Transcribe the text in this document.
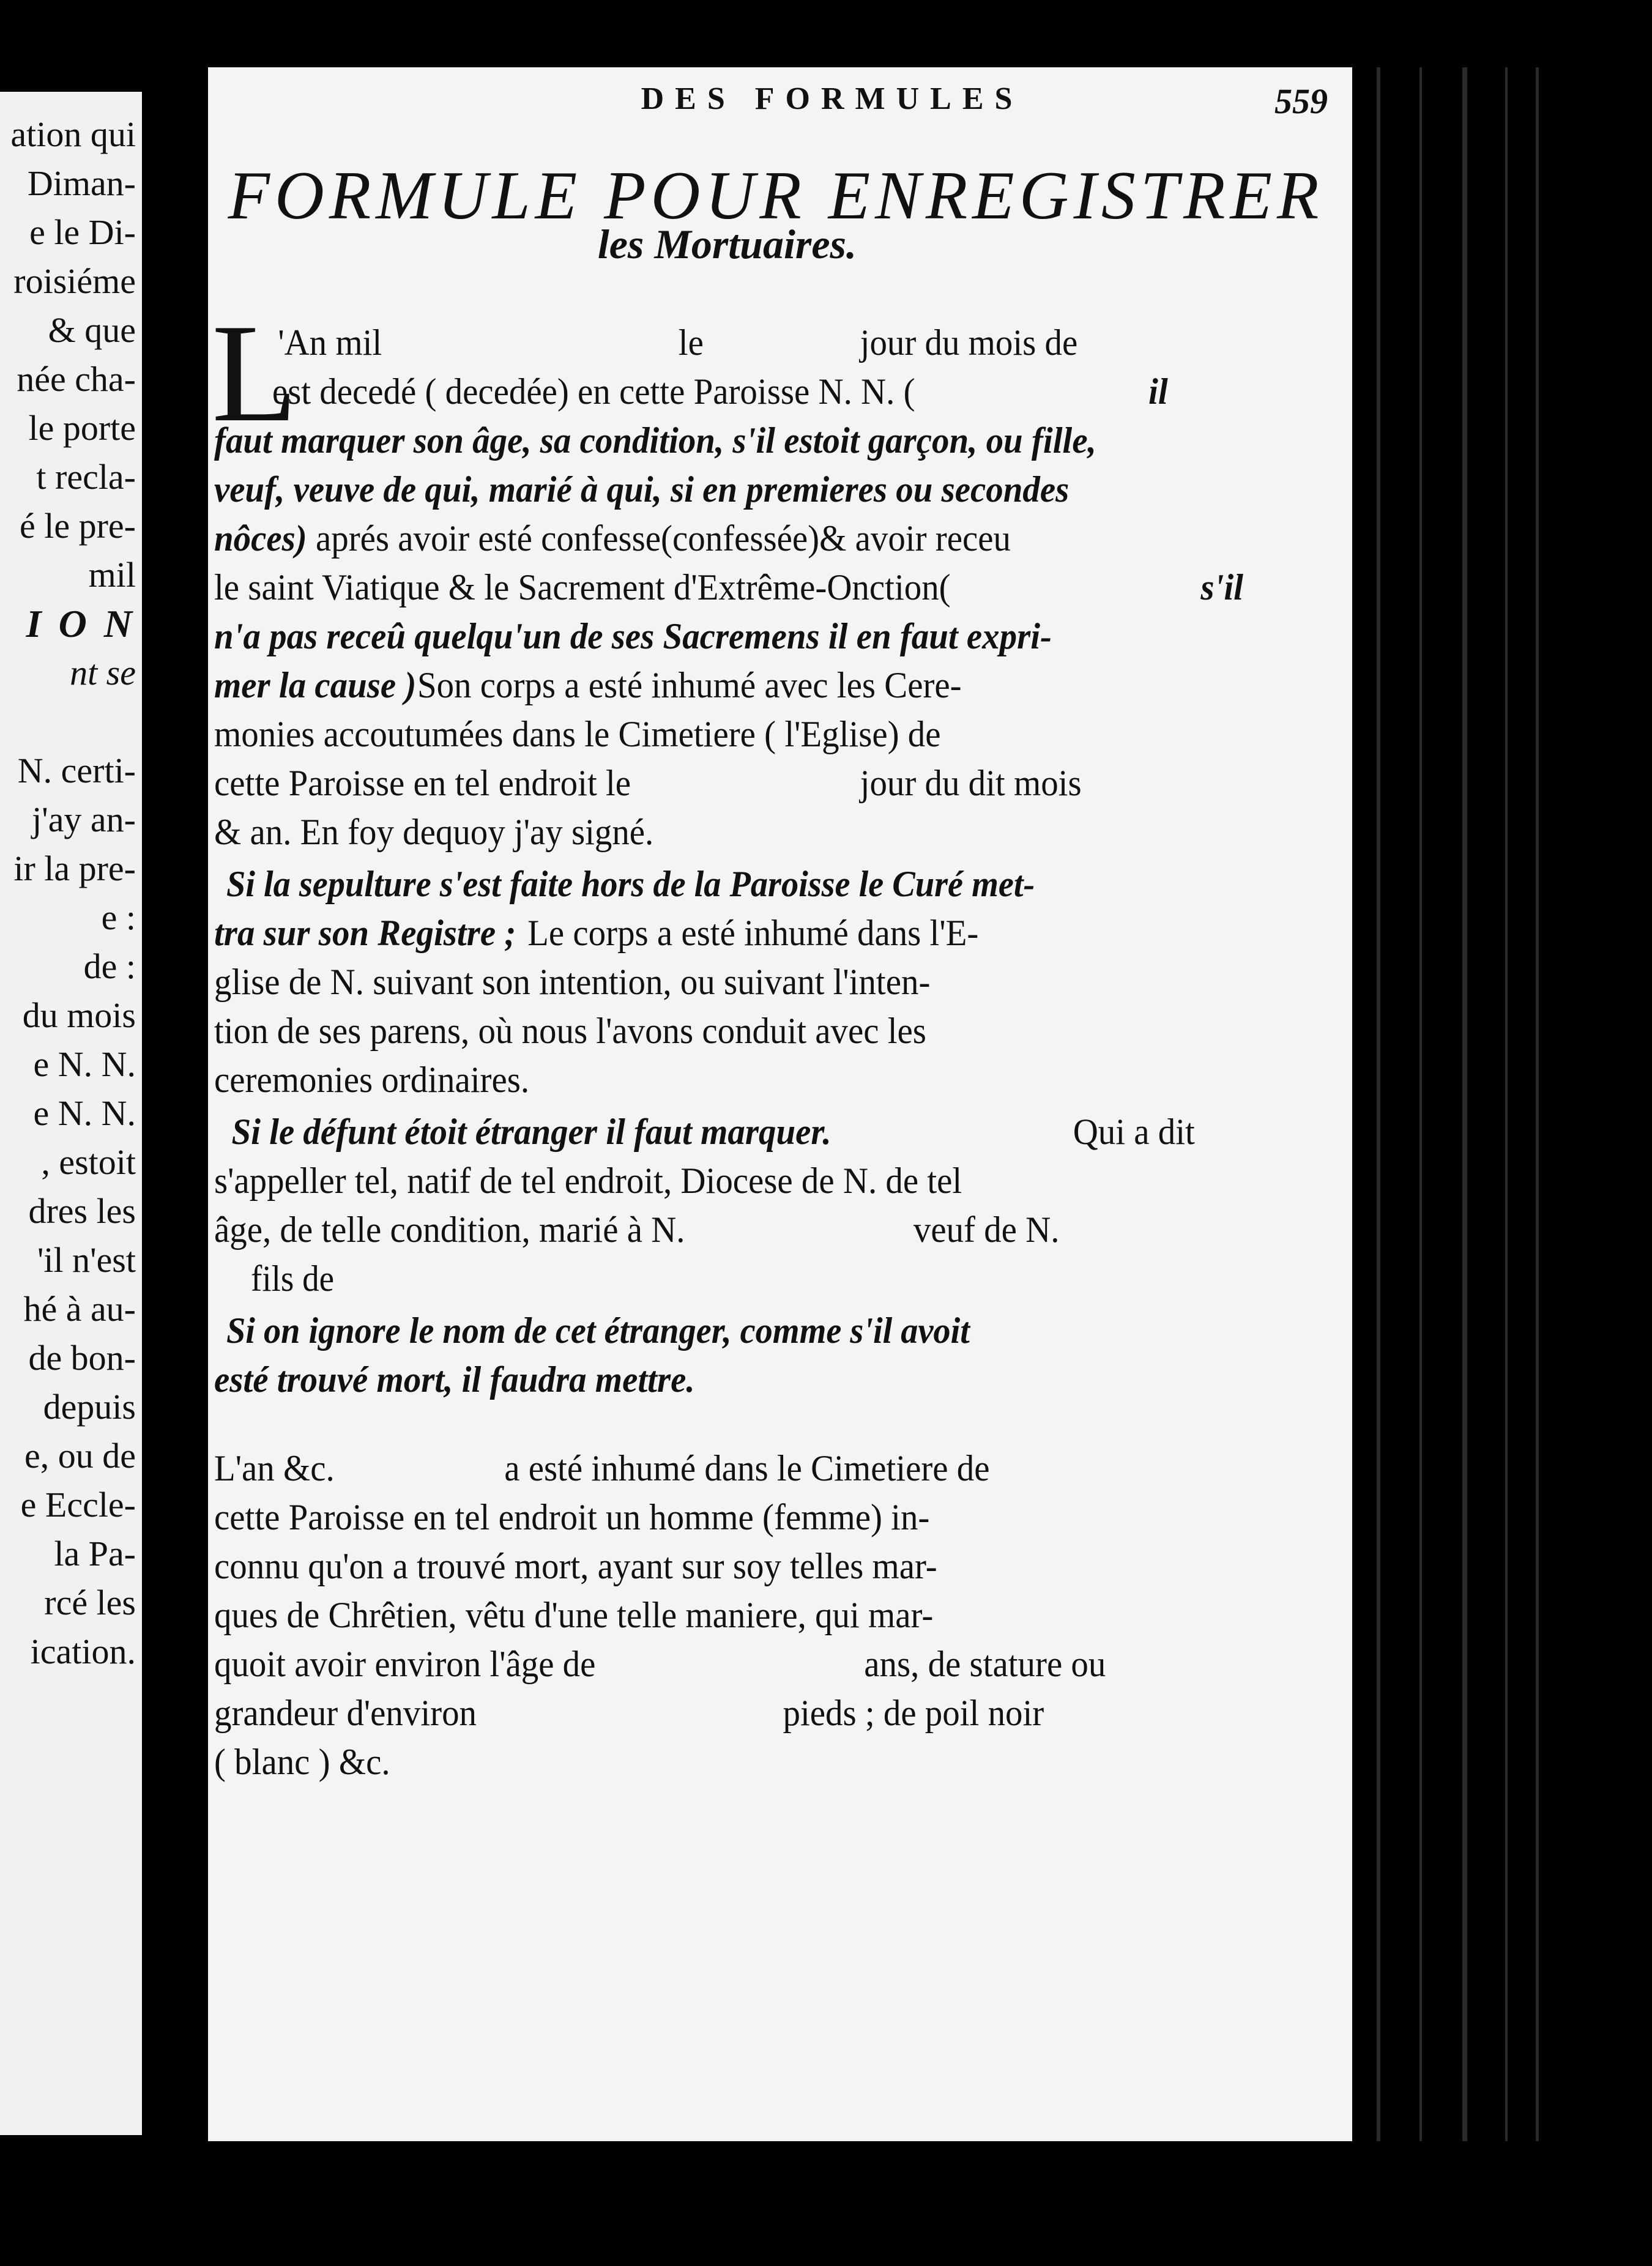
ation qui
Diman-
e le Di-
roisiéme
& que
née cha-
le porte
t recla-
é le pre-
mil
I O N
nt se
N. certi-
j'ay an-
ir la pre-
e :
de :
du mois
e N. N.
e N. N.
, estoit
dres les
'il n'est
hé à au-
de bon-
depuis
e, ou de
e Eccle-
la Pa-
rcé les
ication.
DES FORMULES	559
FORMULE POUR ENREGISTRER
les Mortuaires.
L
'An mil	le	jour du mois de
est decedé ( decedée) en cette Paroisse N. N. (	il
faut marquer son âge, sa condition, s'il estoit garçon, ou fille,
veuf, veuve de qui, marié à qui, si en premieres ou secondes
nôces) aprés avoir esté confesse(confessée)& avoir receu
le saint Viatique & le Sacrement d'Extrême-Onction(	s'il
n'a pas receû quelqu'un de ses Sacremens il en faut expri-
mer la cause ) Son corps a esté inhumé avec les Cere-
monies accoutumées dans le Cimetiere ( l'Eglise) de
cette Paroisse en tel endroit le	jour du dit mois
& an. En foy dequoy j'ay signé.
Si la sepulture s'est faite hors de la Paroisse le Curé met-
tra sur son Registre ; Le corps a esté inhumé dans l'E-
glise de N. suivant son intention, ou suivant l'inten-
tion de ses parens, où nous l'avons conduit avec les
ceremonies ordinaires.
Si le défunt étoit étranger il faut marquer.	Qui a dit
s'appeller tel, natif de tel endroit, Diocese de N. de tel
âge, de telle condition, marié à N.	veuf de N.
fils de
Si on ignore le nom de cet étranger, comme s'il avoit
esté trouvé mort, il faudra mettre.
L'an &c.	a esté inhumé dans le Cimetiere de
cette Paroisse en tel endroit un homme (femme) in-
connu qu'on a trouvé mort, ayant sur soy telles mar-
ques de Chrêtien, vêtu d'une telle maniere, qui mar-
quoit avoir environ l'âge de	ans, de stature ou
grandeur d'environ	pieds ; de poil noir
( blanc ) &c.
